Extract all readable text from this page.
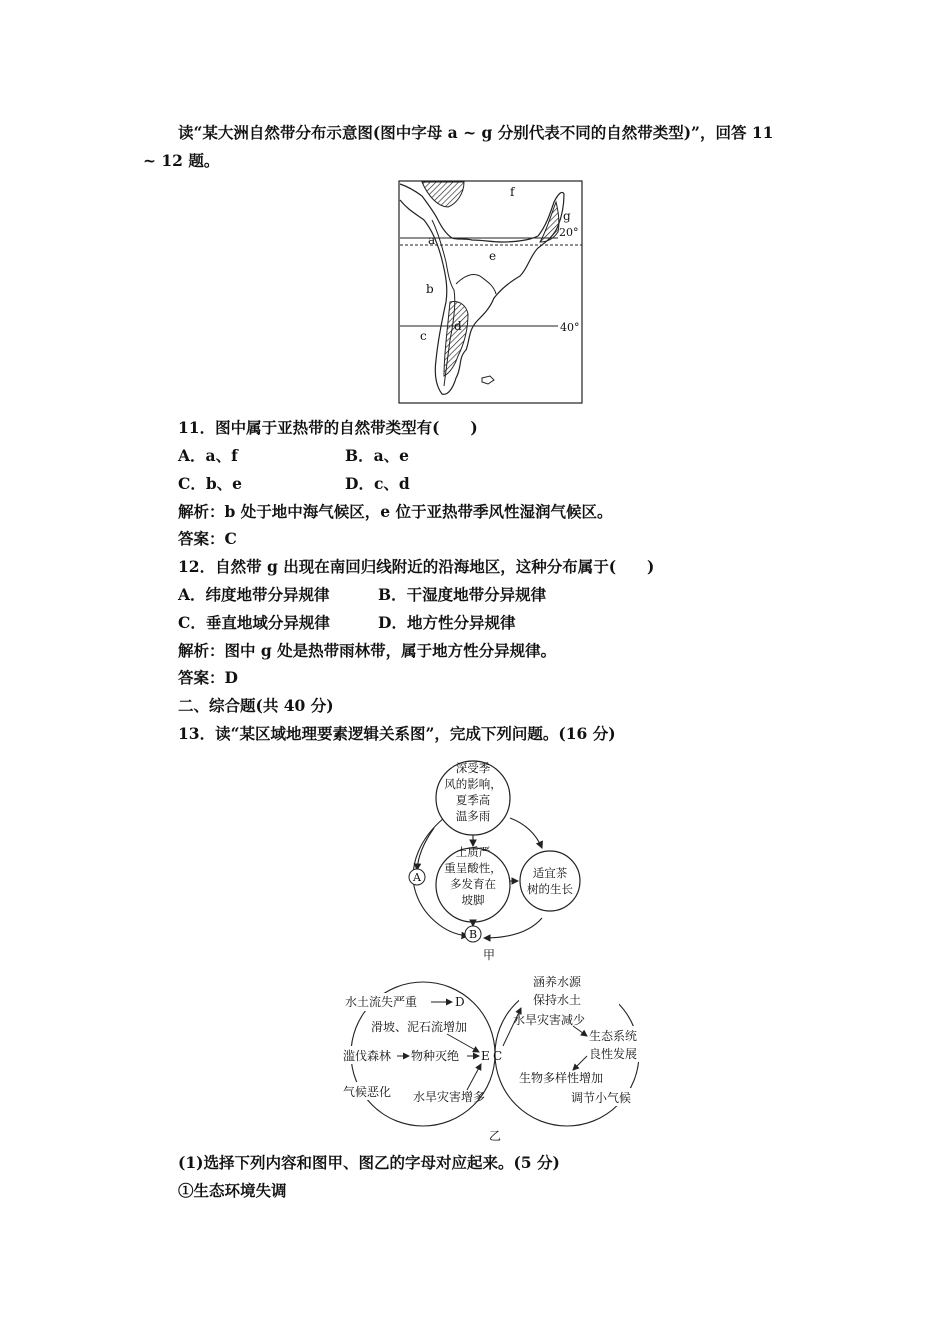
读“某大洲自然带分布示意图(图中字母 a ~ g 分别代表不同的自然带类型)”，回答 11
~ 12 题。
f
g
20°
a
e
b
d	40°
c
11．图中属于亚热带的自然带类型有(　　)
A．a、f	B．a、e
C．b、e	D．c、d
解析：b 处于地中海气候区，e 位于亚热带季风性湿润气候区。
答案：C
12．自然带 g 出现在南回归线附近的沿海地区，这种分布属于(　　)
A．纬度地带分异规律	B．干湿度地带分异规律
C．垂直地域分异规律	D．地方性分异规律
解析：图中 g 处是热带雨林带，属于地方性分异规律。
答案：D
二、综合题(共 40 分)
13．读“某区域地理要素逻辑关系图”，完成下列问题。(16 分)
深受季
风的影响，
夏季高
温多雨
土质严
重呈酸性，
多发育在
坡脚
适宜茶
树的生长
A
B
甲
水土流失严重	D
滑坡、泥石流增加
滥伐森林 物种灭绝 E
气候恶化 水旱灾害增多
C
涵养水源
保持水土
水旱灾害减少
生态系统
良性发展
生物多样性增加
调节小气候
乙
(1)选择下列内容和图甲、图乙的字母对应起来。(5 分)
①生态环境失调
